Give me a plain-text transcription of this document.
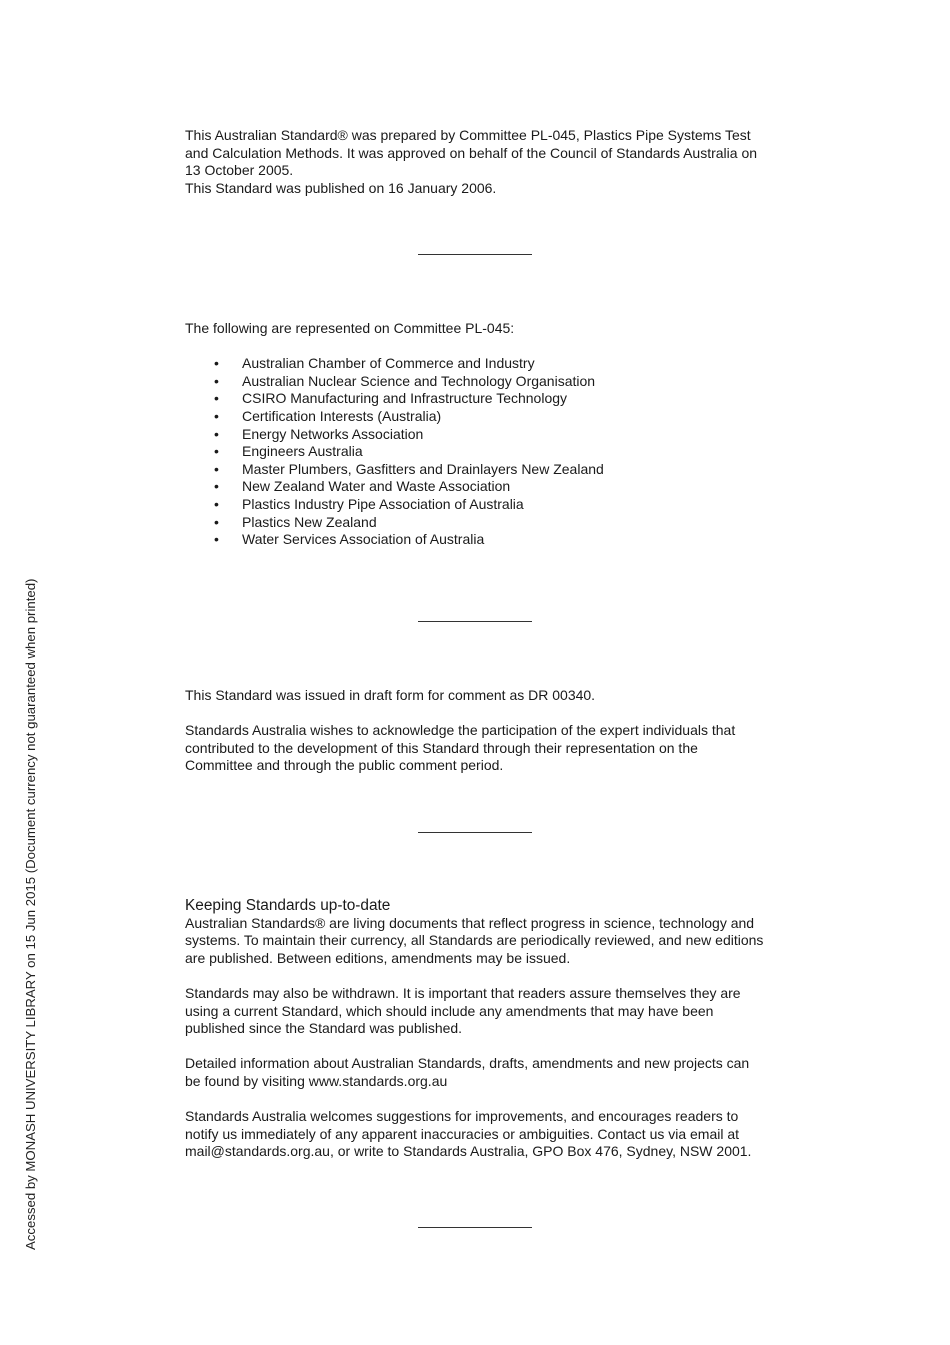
Accessed by MONASH UNIVERSITY LIBRARY on 15 Jun 2015 (Document currency not guaranteed when printed)

This Australian Standard® was prepared by Committee PL-045, Plastics Pipe Systems Test

and Calculation Methods. It was approved on behalf of the Council of Standards Australia on

13 October 2005.

This Standard was published on 16 January 2006.

The following are represented on Committee PL-045:

• Australian Chamber of Commerce and Industry
• Australian Nuclear Science and Technology Organisation
• CSIRO Manufacturing and Infrastructure Technology
• Certification Interests (Australia)
• Energy Networks Association
• Engineers Australia
• Master Plumbers, Gasfitters and Drainlayers New Zealand
• New Zealand Water and Waste Association
• Plastics Industry Pipe Association of Australia
• Plastics New Zealand
• Water Services Association of Australia

This Standard was issued in draft form for comment as DR 00340.

Standards Australia wishes to acknowledge the participation of the expert individuals that

contributed to the development of this Standard through their representation on the

Committee and through the public comment period.

Keeping Standards up-to-date

Australian Standards® are living documents that reflect progress in science, technology and

systems. To maintain their currency, all Standards are periodically reviewed, and new editions

are published. Between editions, amendments may be issued.

Standards may also be withdrawn. It is important that readers assure themselves they are

using a current Standard, which should include any amendments that may have been

published since the Standard was published.

Detailed information about Australian Standards, drafts, amendments and new projects can

be found by visiting www.standards.org.au

Standards Australia welcomes suggestions for improvements, and encourages readers to

notify us immediately of any apparent inaccuracies or ambiguities. Contact us via email at

mail@standards.org.au, or write to Standards Australia, GPO Box 476, Sydney, NSW 2001.
